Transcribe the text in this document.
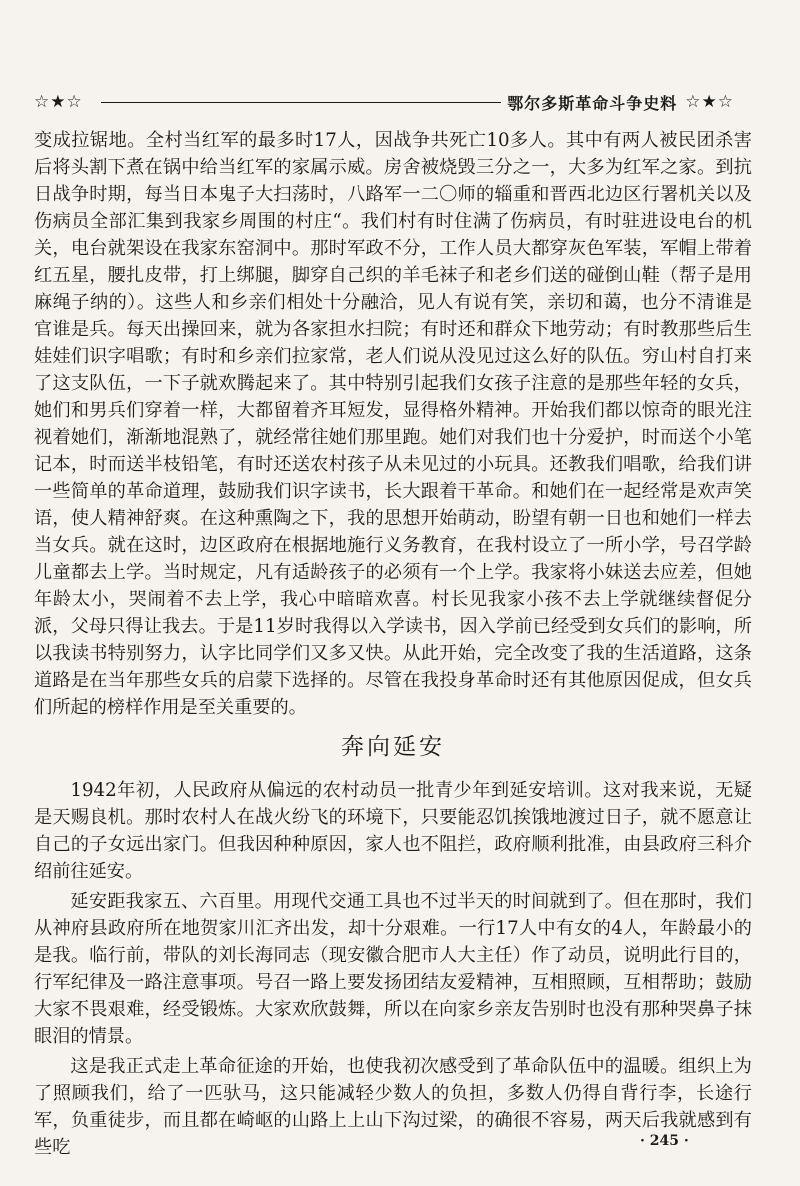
☆★☆	鄂尔多斯革命斗争史料 ☆★☆

变成拉锯地。全村当红军的最多时17人，因战争共死亡10多人。其中有两人被民团杀害后将头割下煮在锅中给当红军的家属示威。房舍被烧毁三分之一，大多为红军之家。到抗日战争时期，每当日本鬼子大扫荡时，八路军一二〇师的辎重和晋西北边区行署机关以及伤病员全部汇集到我家乡周围的村庄“。我们村有时住满了伤病员，有时驻进设电台的机关，电台就架设在我家东窑洞中。那时军政不分，工作人员大都穿灰色军装，军帽上带着红五星，腰扎皮带，打上绑腿，脚穿自己织的羊毛袜子和老乡们送的碰倒山鞋（帮子是用麻绳子纳的）。这些人和乡亲们相处十分融洽，见人有说有笑，亲切和蔼，也分不清谁是官谁是兵。每天出操回来，就为各家担水扫院；有时还和群众下地劳动；有时教那些后生娃娃们识字唱歌；有时和乡亲们拉家常，老人们说从没见过这么好的队伍。穷山村自打来了这支队伍，一下子就欢腾起来了。其中特别引起我们女孩子注意的是那些年轻的女兵，她们和男兵们穿着一样，大都留着齐耳短发，显得格外精神。开始我们都以惊奇的眼光注视着她们，渐渐地混熟了，就经常往她们那里跑。她们对我们也十分爱护，时而送个小笔记本，时而送半枝铅笔，有时还送农村孩子从未见过的小玩具。还教我们唱歌，给我们讲一些简单的革命道理，鼓励我们识字读书，长大跟着干革命。和她们在一起经常是欢声笑语，使人精神舒爽。在这种熏陶之下，我的思想开始萌动，盼望有朝一日也和她们一样去当女兵。就在这时，边区政府在根据地施行义务教育，在我村设立了一所小学，号召学龄儿童都去上学。当时规定，凡有适龄孩子的必须有一个上学。我家将小妹送去应差，但她年龄太小，哭闹着不去上学，我心中暗暗欢喜。村长见我家小孩不去上学就继续督促分派，父母只得让我去。于是11岁时我得以入学读书，因入学前已经受到女兵们的影响，所以我读书特别努力，认字比同学们又多又快。从此开始，完全改变了我的生活道路，这条道路是在当年那些女兵的启蒙下选择的。尽管在我投身革命时还有其他原因促成，但女兵们所起的榜样作用是至关重要的。

奔向延安

1942年初，人民政府从偏远的农村动员一批青少年到延安培训。这对我来说，无疑是天赐良机。那时农村人在战火纷飞的环境下，只要能忍饥挨饿地渡过日子，就不愿意让自己的子女远出家门。但我因种种原因，家人也不阻拦，政府顺利批准，由县政府三科介绍前往延安。

延安距我家五、六百里。用现代交通工具也不过半天的时间就到了。但在那时，我们从神府县政府所在地贺家川汇齐出发，却十分艰难。一行17人中有女的4人，年龄最小的是我。临行前，带队的刘长海同志（现安徽合肥市人大主任）作了动员，说明此行目的，行军纪律及一路注意事项。号召一路上要发扬团结友爱精神，互相照顾，互相帮助；鼓励大家不畏艰难，经受锻炼。大家欢欣鼓舞，所以在向家乡亲友告别时也没有那种哭鼻子抹眼泪的情景。

这是我正式走上革命征途的开始，也使我初次感受到了革命队伍中的温暖。组织上为了照顾我们，给了一匹驮马，这只能减轻少数人的负担，多数人仍得自背行李，长途行军，负重徒步，而且都在崎岖的山路上上山下沟过梁，的确很不容易，两天后我就感到有些吃	· 245 ·
